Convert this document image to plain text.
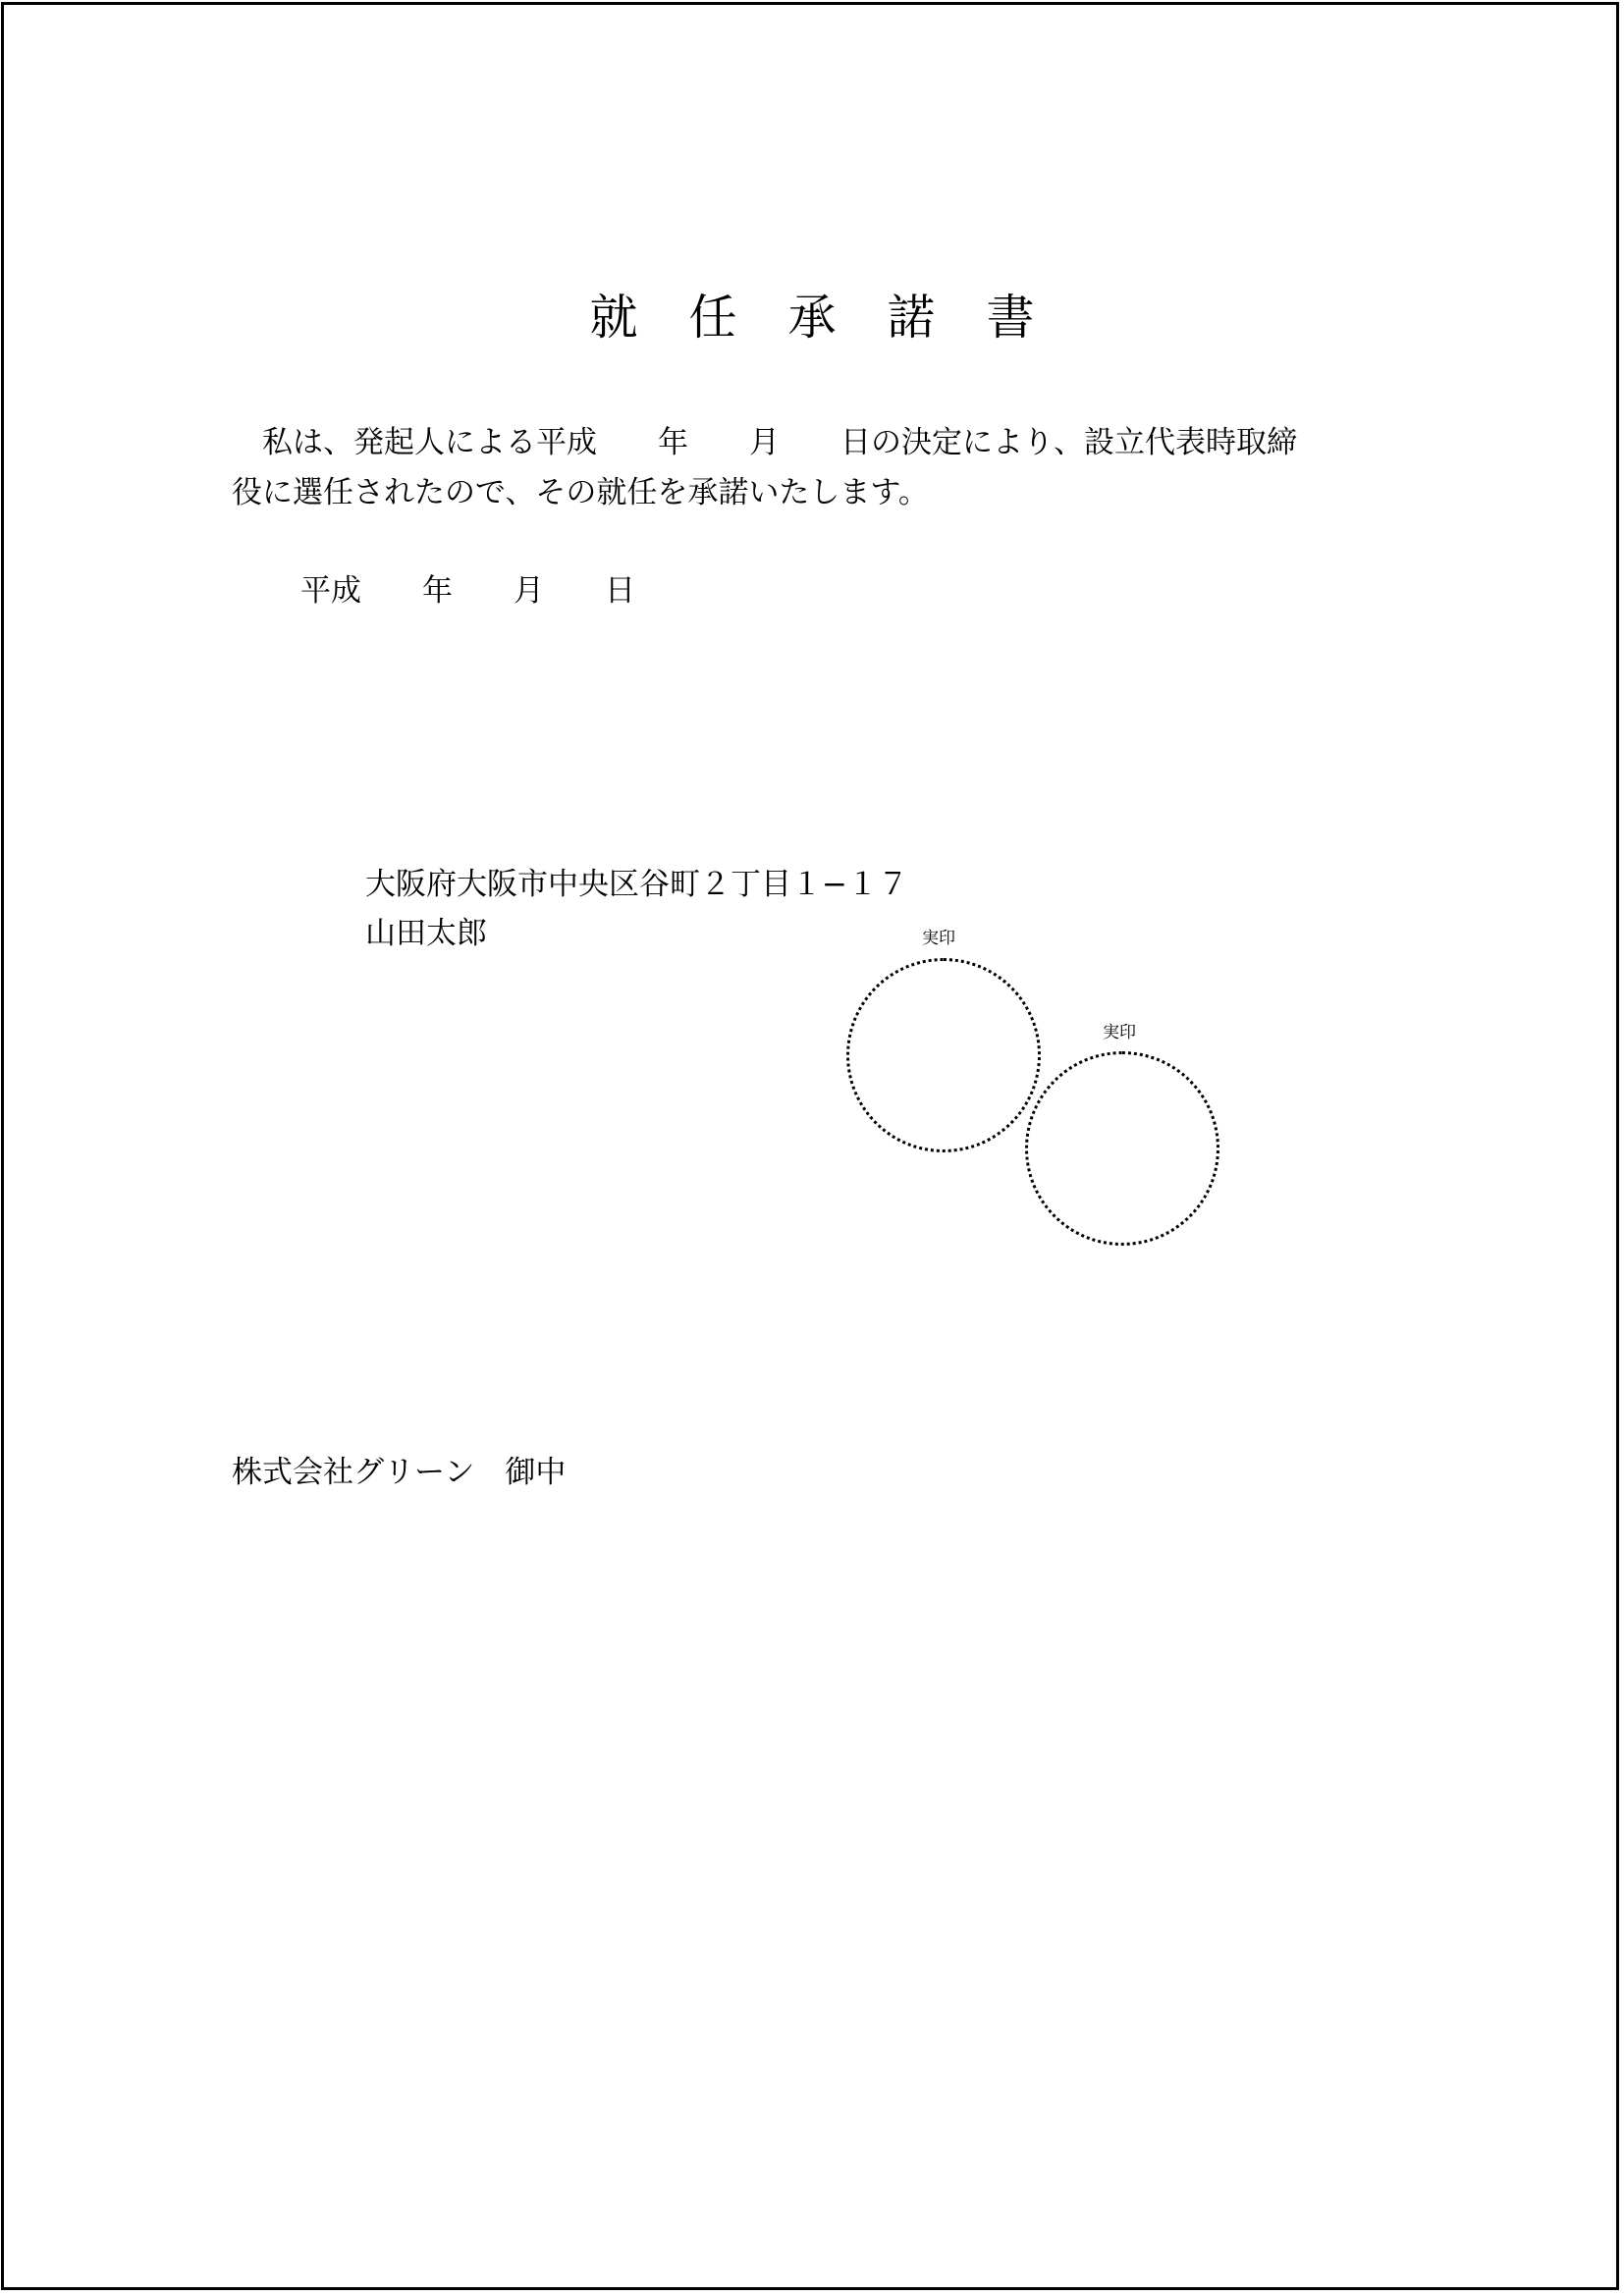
就任承諾書
　私は、発起人による平成　　年　　月　　日の決定により、設立代表時取締
役に選任されたので、その就任を承諾いたします。
平成　　年　　月　　日
大阪府大阪市中央区谷町２丁目１−１７
山田太郎	実印
実印
株式会社グリーン　御中
